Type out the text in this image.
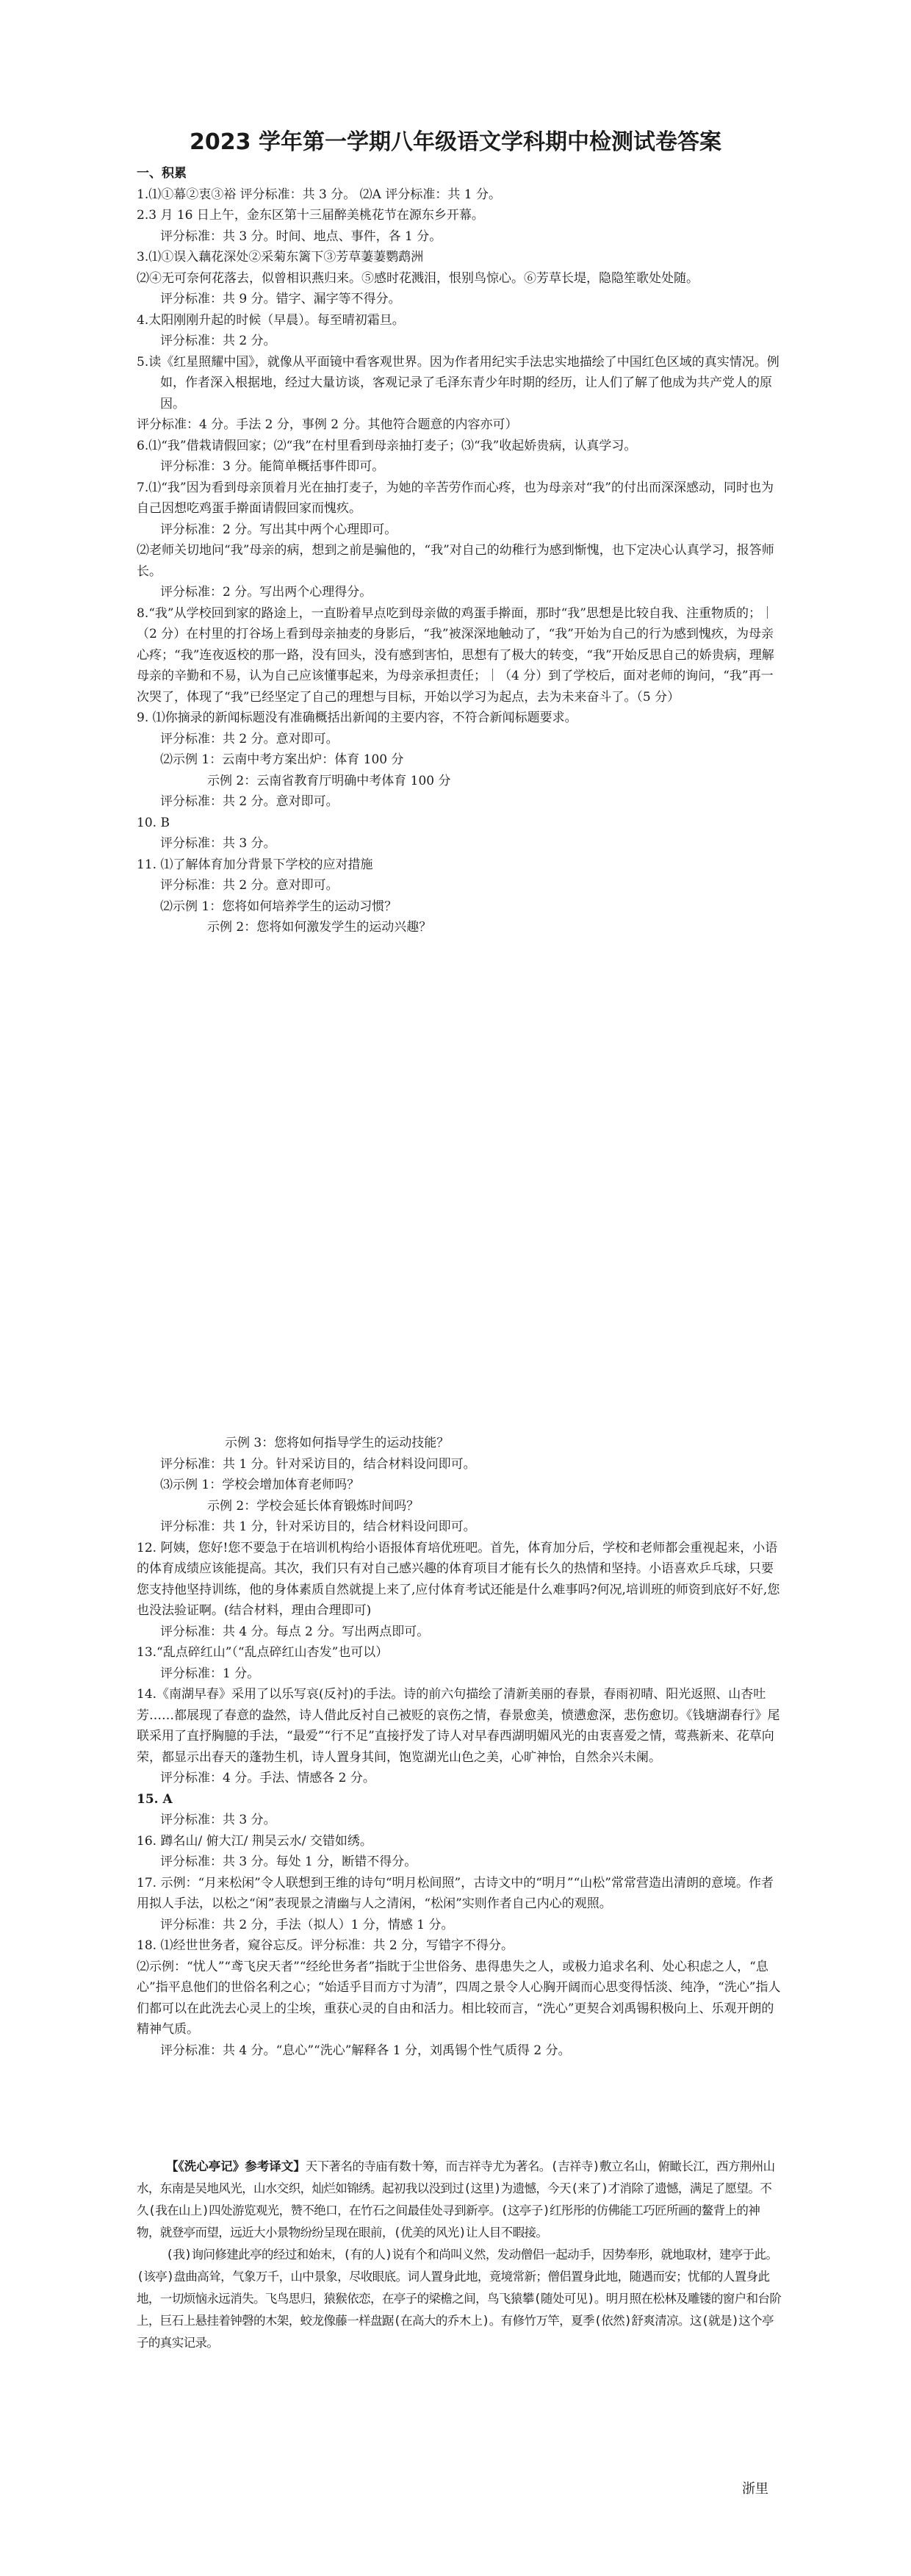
2023 学年第一学期八年级语文学科期中检测试卷答案

一、积累

1.⑴①幕②衷③裕 评分标准：共 3 分。 ⑵A 评分标准：共 1 分。

2.3 月 16 日上午，金东区第十三届醉美桃花节在源东乡开幕。

评分标准：共 3 分。时间、地点、事件，各 1 分。

3.⑴①误入藕花深处②采菊东篱下③芳草萋萋鹦鹉洲

⑵④无可奈何花落去，似曾相识燕归来。⑤感时花溅泪，恨别鸟惊心。⑥芳草长堤，隐隐笙歌处处随。

评分标准：共 9 分。错字、漏字等不得分。

4.太阳刚刚升起的时候（早晨）。每至晴初霜旦。

评分标准：共 2 分。

5.读《红星照耀中国》，就像从平面镜中看客观世界。因为作者用纪实手法忠实地描绘了中国红色区域的真实情况。例如，作者深入根据地，经过大量访谈，客观记录了毛泽东青少年时期的经历，让人们了解了他成为共产党人的原因。

评分标准：4 分。手法 2 分，事例 2 分。其他符合题意的内容亦可）

6.⑴“我”借栽请假回家；⑵“我”在村里看到母亲抽打麦子；⑶“我”收起娇贵病，认真学习。

评分标准：3 分。能简单概括事件即可。

7.⑴“我”因为看到母亲顶着月光在抽打麦子，为她的辛苦劳作而心疼，也为母亲对“我”的付出而深深感动，同时也为自己因想吃鸡蛋手擀面请假回家而愧疚。

评分标准：2 分。写出其中两个心理即可。

⑵老师关切地问“我”母亲的病，想到之前是骗他的，“我”对自己的幼稚行为感到惭愧，也下定决心认真学习，报答师长。

评分标准：2 分。写出两个心理得分。

8.“我”从学校回到家的路途上，一直盼着早点吃到母亲做的鸡蛋手擀面，那时“我”思想是比较自我、注重物质的；｜（2 分）在村里的打谷场上看到母亲抽麦的身影后，“我”被深深地触动了，“我”开始为自己的行为感到愧疚，为母亲心疼；“我”连夜返校的那一路，没有回头，没有感到害怕，思想有了极大的转变，“我”开始反思自己的娇贵病，理解母亲的辛勤和不易，认为自己应该懂事起来，为母亲承担责任；｜（4 分）到了学校后，面对老师的询问，“我”再一次哭了，体现了“我”已经坚定了自己的理想与目标，开始以学习为起点，去为未来奋斗了。（5 分）

9. ⑴你摘录的新闻标题没有准确概括出新闻的主要内容，不符合新闻标题要求。

评分标准：共 2 分。意对即可。

⑵示例 1：云南中考方案出炉：体育 100 分

示例 2：云南省教育厅明确中考体育 100 分

评分标准：共 2 分。意对即可。

10. B

评分标准：共 3 分。

11. ⑴了解体育加分背景下学校的应对措施

评分标准：共 2 分。意对即可。

⑵示例 1：您将如何培养学生的运动习惯？

示例 2：您将如何激发学生的运动兴趣？

示例 3：您将如何指导学生的运动技能？

评分标准：共 1 分。针对采访目的，结合材料设问即可。

⑶示例 1：学校会增加体育老师吗？

示例 2：学校会延长体育锻炼时间吗？

评分标准：共 1 分，针对采访目的，结合材料设问即可。

12. 阿姨，您好!您不要急于在培训机构给小语报体育培优班吧。首先，体育加分后，学校和老师都会重视起来，小语的体育成绩应该能提高。其次，我们只有对自己感兴趣的体育项目才能有长久的热情和坚持。小语喜欢乒乓球，只要您支持他坚持训练，他的身体素质自然就提上来了,应付体育考试还能是什么难事吗?何况,培训班的师资到底好不好,您也没法验证啊。(结合材料，理由合理即可)

评分标准：共 4 分。每点 2 分。写出两点即可。

13.“乱点碎红山”（“乱点碎红山杏发”也可以）

评分标准：1 分。

14.《南湖早春》采用了以乐写哀(反衬)的手法。诗的前六句描绘了清新美丽的春景，春雨初晴、阳光返照、山杏吐芳……都展现了春意的盎然，诗人借此反衬自己被贬的哀伤之情，春景愈美，愤懑愈深，悲伤愈切。《钱塘湖春行》尾联采用了直抒胸臆的手法，“最爱”“行不足”直接抒发了诗人对早春西湖明媚风光的由衷喜爱之情，莺燕新来、花草向荣，都显示出春天的蓬勃生机，诗人置身其间，饱览湖光山色之美，心旷神怡，自然余兴未阑。

评分标准：4 分。手法、情感各 2 分。

15. A

评分标准：共 3 分。

16. 蹲名山/ 俯大江/ 荆吴云水/ 交错如绣。

评分标准：共 3 分。每处 1 分，断错不得分。

17. 示例：“月来松闲”令人联想到王维的诗句“明月松间照”，古诗文中的“明月”“山松”常常营造出清朗的意境。作者用拟人手法，以松之“闲”表现景之清幽与人之清闲，“松闲”实则作者自己内心的观照。

评分标准：共 2 分，手法（拟人）1 分，情感 1 分。

18. ⑴经世世务者，窥谷忘反。评分标准：共 2 分，写错字不得分。

⑵示例：“忧人”“鸢飞戾天者”“经纶世务者”指眈于尘世俗务、患得患失之人，或极力追求名利、处心积虑之人，“息心”指平息他们的世俗名利之心；“始适乎目而方寸为清”，四周之景令人心胸开阔而心思变得恬淡、纯净，“洗心”指人们都可以在此洗去心灵上的尘埃，重获心灵的自由和活力。相比较而言，“洗心”更契合刘禹锡积极向上、乐观开朗的精神气质。

评分标准：共 4 分。“息心”“洗心”解释各 1 分，刘禹锡个性气质得 2 分。

【《洗心亭记》参考译文】天下著名的寺庙有数十筹，而吉祥寺尤为著名。(吉祥寺)敷立名山，俯瞰长江，西方荆州山水，东南是吴地风光，山水交织，灿烂如锦绣。起初我以没到过(这里)为遗憾，今天(来了)才消除了遗憾，满足了愿望。不久(我在山上)四处游览观光，赞不绝口，在竹石之间最佳处寻到新亭。(这亭子)红彤彤的仿佛能工巧匠所画的鳌背上的神物，就登亭而望，远近大小景物纷纷呈现在眼前，(优美的风光)让人目不暇接。

(我)询问修建此亭的经过和始末，(有的人)说有个和尚叫义然，发动僧侣一起动手，因势奉形，就地取材，建亭于此。(该亭)盘曲高耸，气象万千，山中景象，尽收眼底。词人置身此地，竟境常新；僧侣置身此地，随遇而安；忧郁的人置身此地，一切烦恼永远消失。飞鸟思归，猿猴依恋，在亭子的梁檐之间，鸟飞猿攀(随处可见)。明月照在松林及雕镂的窗户和台阶上，巨石上悬挂着钟磬的木架，蛟龙像藤一样盘踞(在高大的乔木上)。有修竹万竿，夏季(依然)舒爽清凉。这(就是)这个亭子的真实记录。

浙里
